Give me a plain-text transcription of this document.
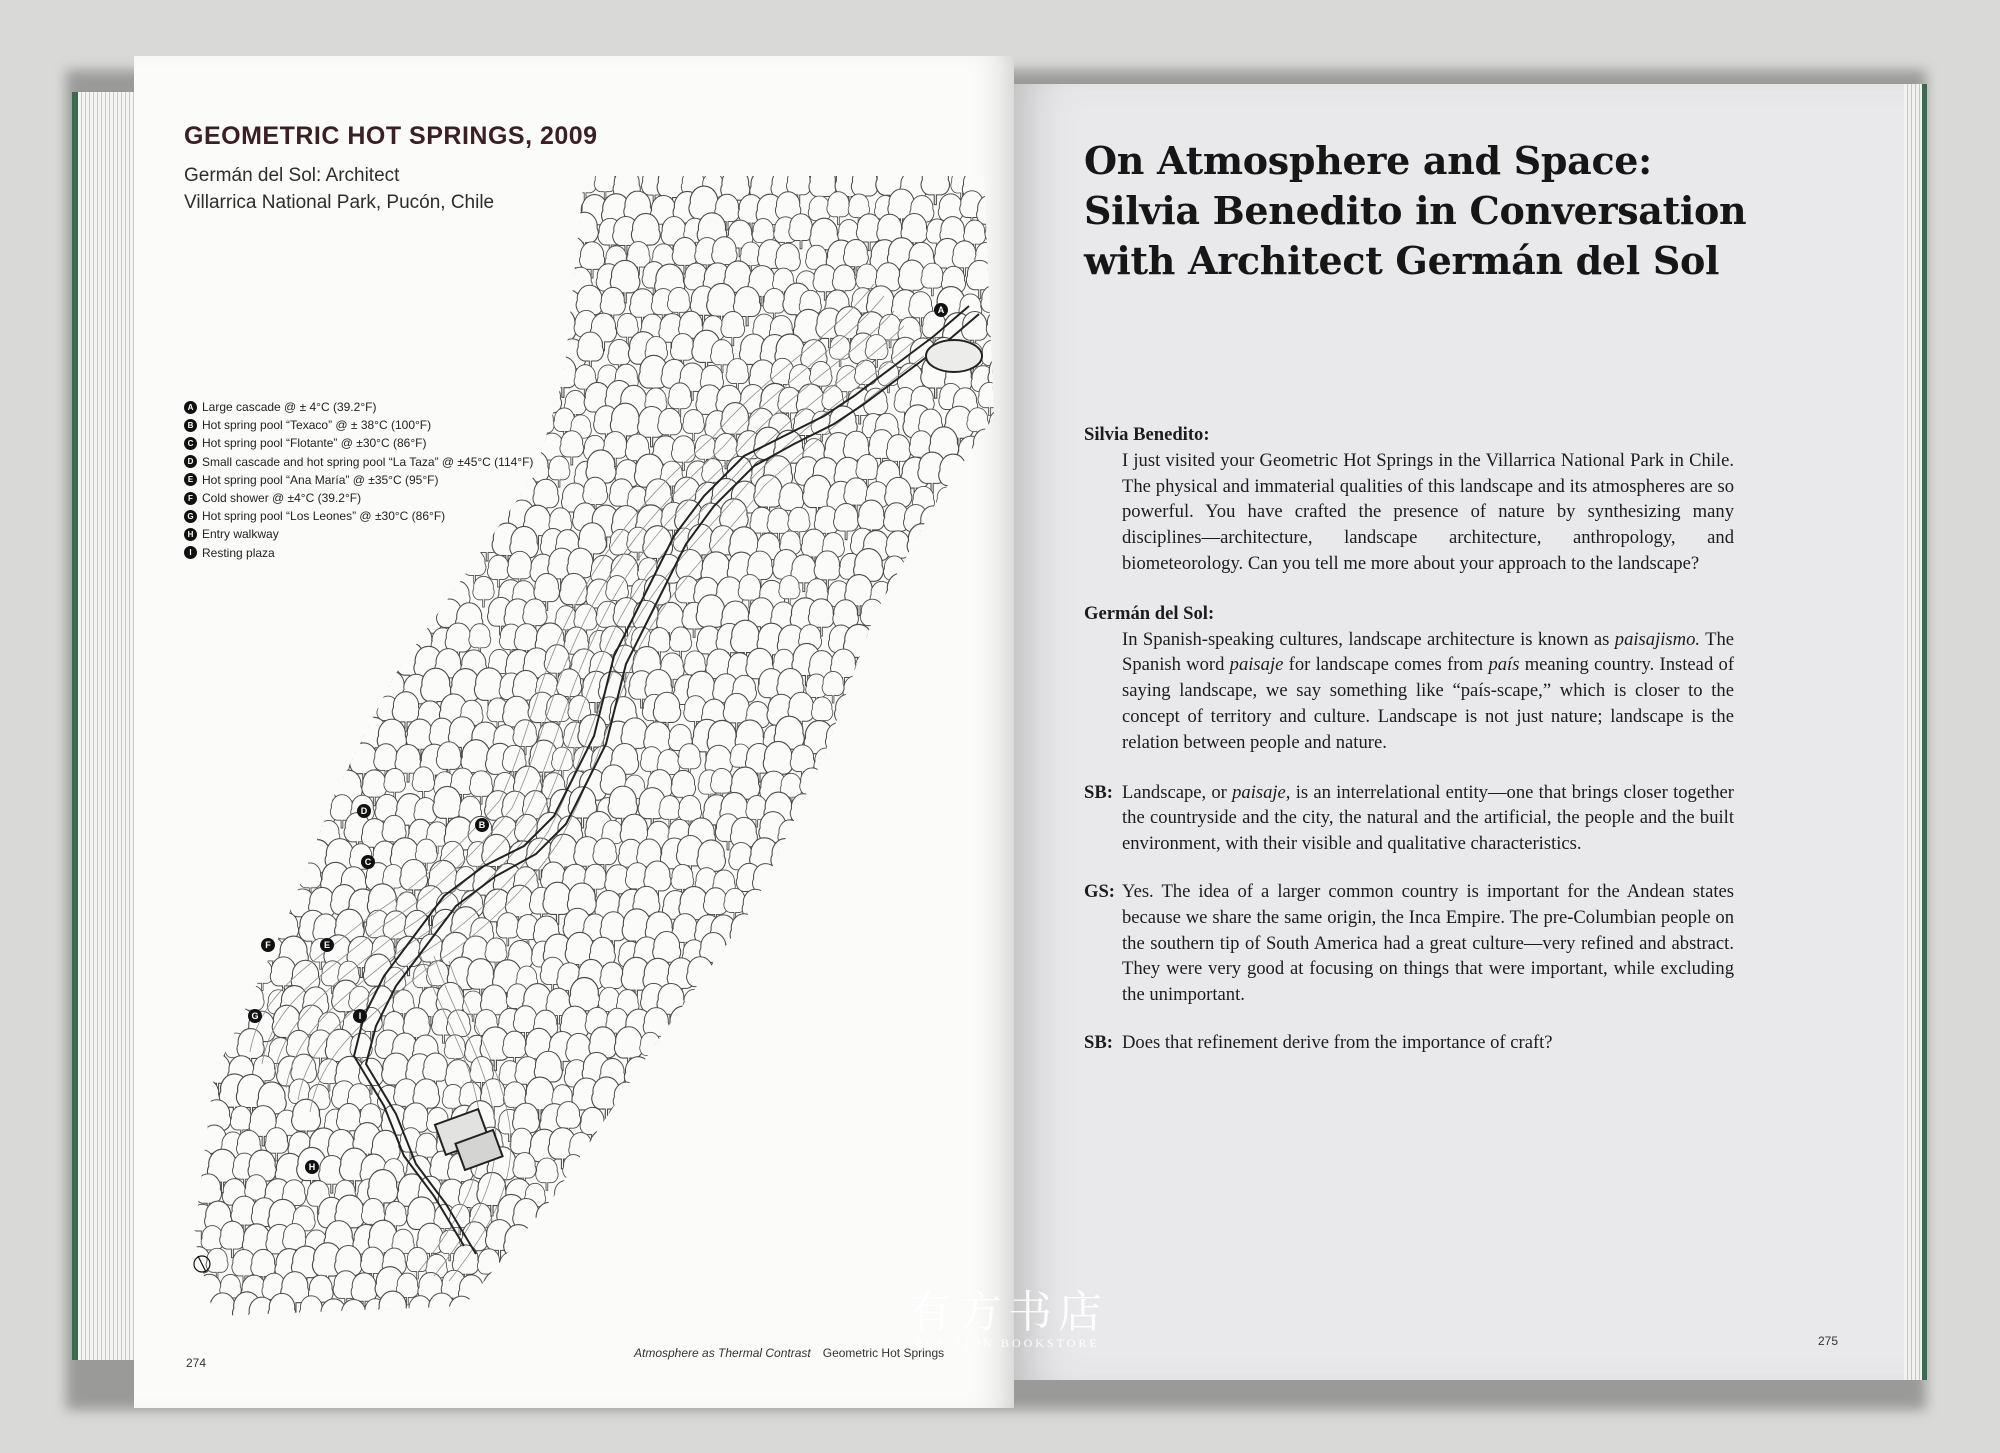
A
B
C
D
E
F
G
H
I
GEOMETRIC HOT SPRINGS, 2009
Germán del Sol: Architect
Villarrica National Park, Pucón, Chile
A Large cascade @ ± 4°C (39.2°F)
B Hot spring pool “Texaco” @ ± 38°C (100°F)
C Hot spring pool “Flotante” @ ±30°C (86°F)
D Small cascade and hot spring pool “La Taza” @ ±45°C (114°F)
E Hot spring pool “Ana María” @ ±35°C (95°F)
F Cold shower @ ±4°C (39.2°F)
G Hot spring pool “Los Leones” @ ±30°C (86°F)
H Entry walkway
I Resting plaza
274
Atmosphere as Thermal Contrast Geometric Hot Springs
On Atmosphere and Space:
Silvia Benedito in Conversation
with Architect Germán del Sol
Silvia Benedito:

I just visited your Geometric Hot Springs in the Villarrica National Park in Chile. The physical and immaterial qualities of this landscape and its atmospheres are so powerful. You have crafted the presence of nature by synthesizing many disciplines—architecture, landscape architecture, anthropology, and biometeorology. Can you tell me more about your approach to the landscape?

Germán del Sol:

In Spanish-speaking cultures, landscape architecture is known as paisajismo. The Spanish word paisaje for landscape comes from país meaning country. Instead of saying landscape, we say something like “país-scape,” which is closer to the concept of territory and culture. Landscape is not just nature; landscape is the relation between people and nature.

SB: Landscape, or paisaje, is an interrelational entity—one that brings closer together the countryside and the city, the natural and the artificial, the people and the built environment, with their visible and qualitative characteristics.

GS: Yes. The idea of a larger common country is important for the Andean states because we share the same origin, the Inca Empire. The pre-Columbian people on the southern tip of South America had a great culture—very refined and abstract. They were very good at focusing on things that were important, while excluding the unimportant.

SB: Does that refinement derive from the importance of craft?

275
有方书店
POSITION BOOKSTORE
